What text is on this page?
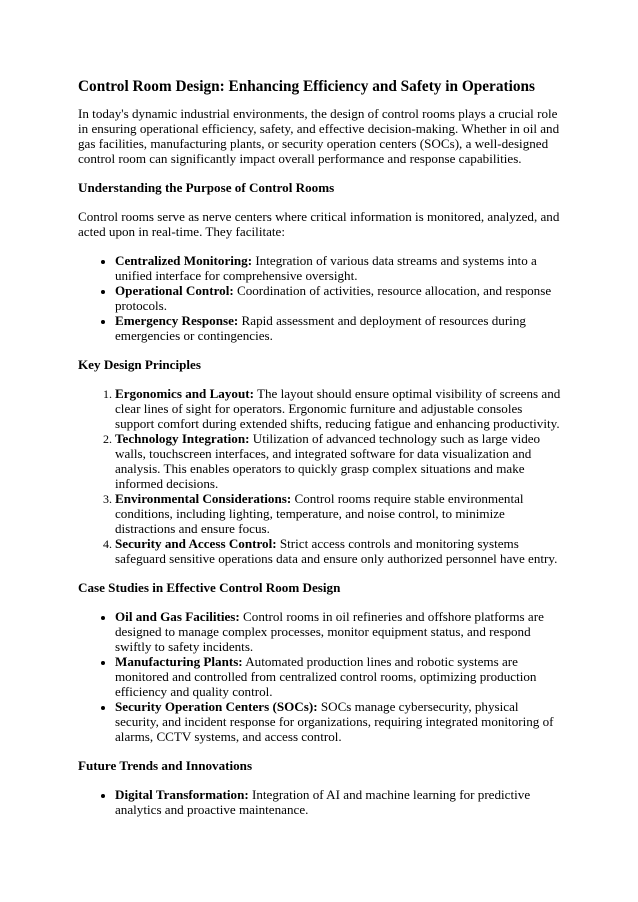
Control Room Design: Enhancing Efficiency and Safety in Operations

In today's dynamic industrial environments, the design of control rooms plays a crucial role in ensuring operational efficiency, safety, and effective decision-making. Whether in oil and gas facilities, manufacturing plants, or security operation centers (SOCs), a well-designed control room can significantly impact overall performance and response capabilities.

Understanding the Purpose of Control Rooms

Control rooms serve as nerve centers where critical information is monitored, analyzed, and acted upon in real-time. They facilitate:

• Centralized Monitoring: Integration of various data streams and systems into a unified interface for comprehensive oversight.
• Operational Control: Coordination of activities, resource allocation, and response protocols.
• Emergency Response: Rapid assessment and deployment of resources during emergencies or contingencies.
Key Design Principles
1. Ergonomics and Layout: The layout should ensure optimal visibility of screens and clear lines of sight for operators. Ergonomic furniture and adjustable consoles support comfort during extended shifts, reducing fatigue and enhancing productivity.
2. Technology Integration: Utilization of advanced technology such as large video walls, touchscreen interfaces, and integrated software for data visualization and analysis. This enables operators to quickly grasp complex situations and make informed decisions.
3. Environmental Considerations: Control rooms require stable environmental conditions, including lighting, temperature, and noise control, to minimize distractions and ensure focus.
4. Security and Access Control: Strict access controls and monitoring systems safeguard sensitive operations data and ensure only authorized personnel have entry.
Case Studies in Effective Control Room Design
• Oil and Gas Facilities: Control rooms in oil refineries and offshore platforms are designed to manage complex processes, monitor equipment status, and respond swiftly to safety incidents.
• Manufacturing Plants: Automated production lines and robotic systems are monitored and controlled from centralized control rooms, optimizing production efficiency and quality control.
• Security Operation Centers (SOCs): SOCs manage cybersecurity, physical security, and incident response for organizations, requiring integrated monitoring of alarms, CCTV systems, and access control.
Future Trends and Innovations
• Digital Transformation: Integration of AI and machine learning for predictive analytics and proactive maintenance.
